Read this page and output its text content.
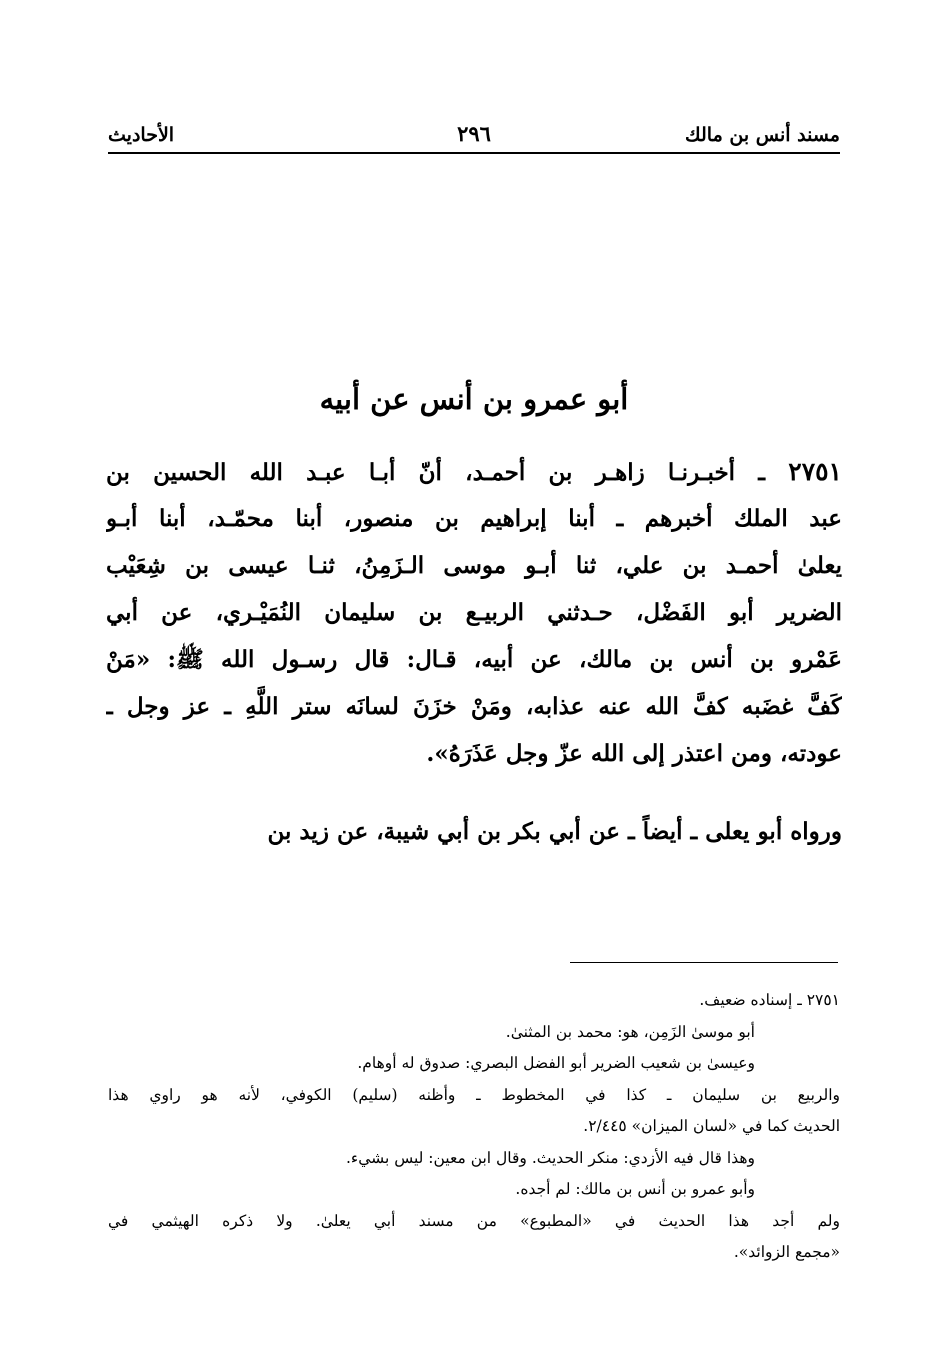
مسند أنس بن مالك
٢٩٦
الأحاديث
أبو عمرو بن أنس عن أبيه
٢٧٥١ ـ أخبـرنـا زاهـر بن أحمـد، أنّ أبـا عبـد الله الحسين بن
عبد الملك أخبرهم ـ أبنا إبراهيم بن منصور، أبنا محمّـد، أبنا أبـو
يعلىٰ أحمـد بن علي، ثنا أبـو موسى الـزَمِنُ، ثنـا عيسى بن شِعَيْب
الضرير أبو الفَضْل، حـدثني الربيـع بن سليمان النُمَيْـري، عن أبي
عَمْرو بن أنس بن مالك، عن أبيه، قـال: قال رسـول الله ﷺ: «مَنْ
كَفَّ غضَبه كفَّ الله عنه عذابه، ومَنْ خزَنَ لسانَه ستر اللَّهِ ـ عز وجل ـ
عودته، ومن اعتذر إلى الله عزّ وجل عَذَرَهُ».
ورواه أبو يعلى ـ أيضاً ـ عن أبي بكر بن أبي شيبة، عن زيد بن
٢٧٥١ ـ إسناده ضعيف.
أبو موسىٰ الزَمِن، هو: محمد بن المثنىٰ.
وعيسىٰ بن شعيب الضرير أبو الفضل البصري: صدوق له أوهام.
والربيع بن سليمان ـ كذا في المخطوط ـ وأظنه (سليم) الكوفي، لأنه هو راوي هذا
الحديث كما في «لسان الميزان» ٢/٤٤٥.
وهذا قال فيه الأزدي: منكر الحديث. وقال ابن معين: ليس بشيء.
وأبو عمرو بن أنس بن مالك: لم أجده.
ولم أجد هذا الحديث في «المطبوع» من مسند أبي يعلىٰ. ولا ذكره الهيثمي في
«مجمع الزوائد».
